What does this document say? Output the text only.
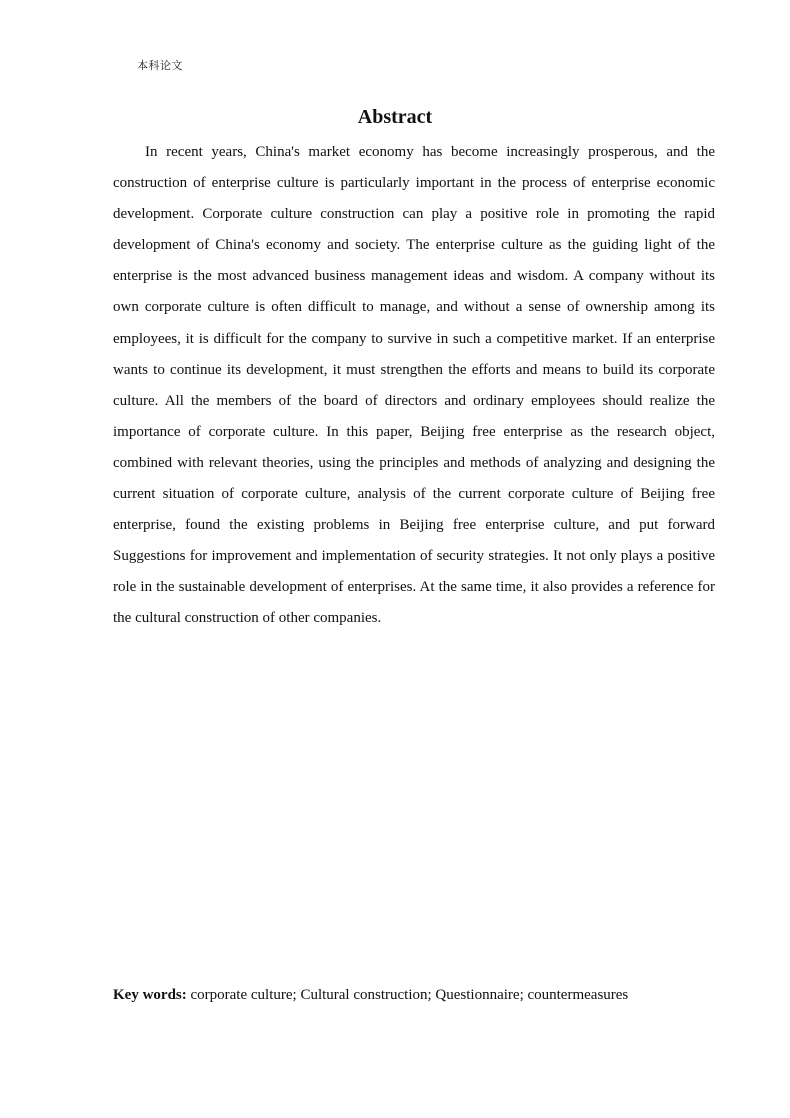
本科论文
Abstract

In recent years, China's market economy has become increasingly prosperous, and the construction of enterprise culture is particularly important in the process of enterprise economic development. Corporate culture construction can play a positive role in promoting the rapid development of China's economy and society. The enterprise culture as the guiding light of the enterprise is the most advanced business management ideas and wisdom. A company without its own corporate culture is often difficult to manage, and without a sense of ownership among its employees, it is difficult for the company to survive in such a competitive market. If an enterprise wants to continue its development, it must strengthen the efforts and means to build its corporate culture. All the members of the board of directors and ordinary employees should realize the importance of corporate culture. In this paper, Beijing free enterprise as the research object, combined with relevant theories, using the principles and methods of analyzing and designing the current situation of corporate culture, analysis of the current corporate culture of Beijing free enterprise, found the existing problems in Beijing free enterprise culture, and put forward Suggestions for improvement and implementation of security strategies. It not only plays a positive role in the sustainable development of enterprises. At the same time, it also provides a reference for the cultural construction of other companies.

Key words: corporate culture; Cultural construction; Questionnaire; countermeasures
